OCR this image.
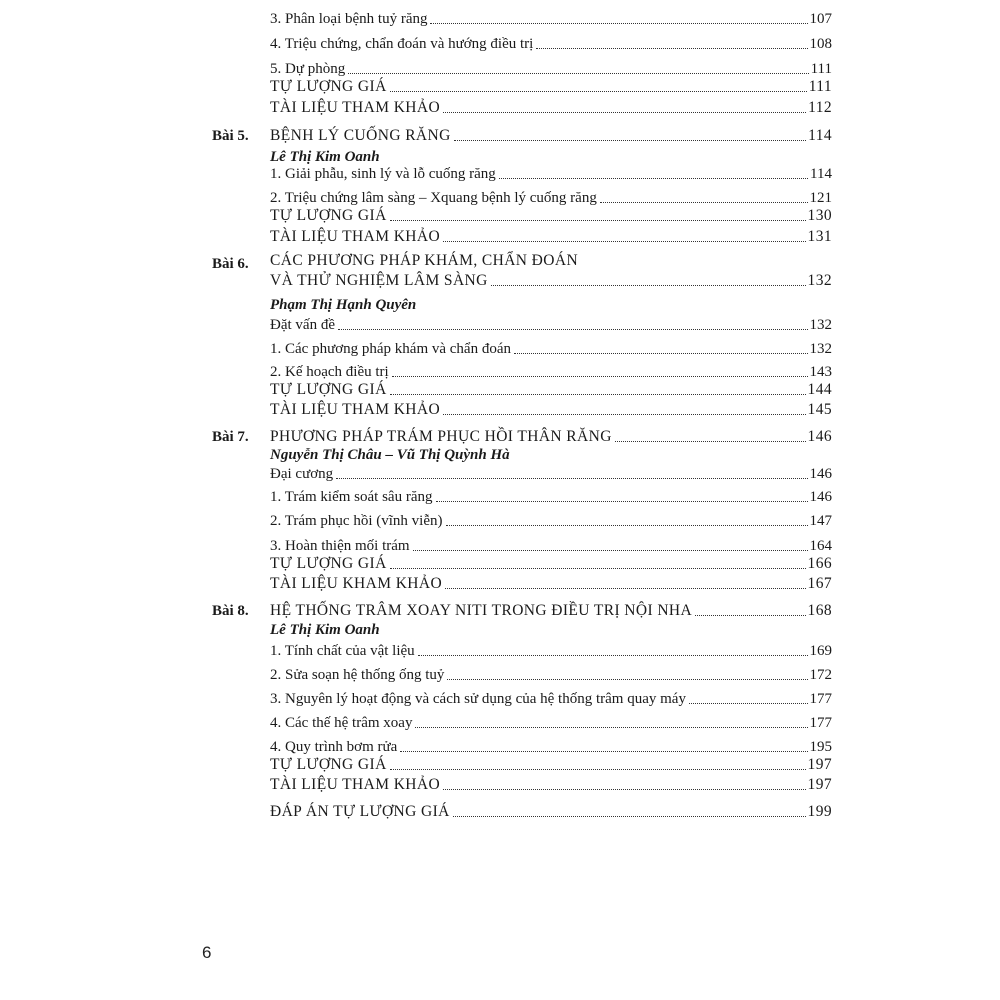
3. Phân loại bệnh tuỷ răng	107
4. Triệu chứng, chẩn đoán và hướng điều trị	108
5. Dự phòng	111
TỰ LƯỢNG GIÁ	111
TÀI LIỆU THAM KHẢO	112
Bài 5. BỆNH LÝ CUỐNG RĂNG	114
Lê Thị Kim Oanh
1. Giải phẫu, sinh lý và lỗ cuống răng	114
2. Triệu chứng lâm sàng – Xquang bệnh lý cuống răng	121
TỰ LƯỢNG GIÁ	130
TÀI LIỆU THAM KHẢO	131
Bài 6. CÁC PHƯƠNG PHÁP KHÁM, CHẨN ĐOÁN
VÀ THỬ NGHIỆM LÂM SÀNG	132
Phạm Thị Hạnh Quyên
Đặt vấn đề	132
1. Các phương pháp khám và chẩn đoán	132
2. Kế hoạch điều trị	143
TỰ LƯỢNG GIÁ	144
TÀI LIỆU THAM KHẢO	145
Bài 7. PHƯƠNG PHÁP TRÁM PHỤC HỒI THÂN RĂNG	146
Nguyễn Thị Châu – Vũ Thị Quỳnh Hà
Đại cương	146
1. Trám kiểm soát sâu răng	146
2. Trám phục hồi (vĩnh viễn)	147
3. Hoàn thiện mối trám	164
TỰ LƯỢNG GIÁ	166
TÀI LIỆU KHAM KHẢO	167
Bài 8. HỆ THỐNG TRÂM XOAY NITI TRONG ĐIỀU TRỊ NỘI NHA	168
Lê Thị Kim Oanh
1. Tính chất của vật liệu	169
2. Sửa soạn hệ thống ống tuỷ	172
3. Nguyên lý hoạt động và cách sử dụng của hệ thống trâm quay máy	177
4. Các thế hệ trâm xoay	177
4. Quy trình bơm rửa	195
TỰ LƯỢNG GIÁ	197
TÀI LIỆU THAM KHẢO	197
ĐÁP ÁN TỰ LƯỢNG GIÁ	199
6
